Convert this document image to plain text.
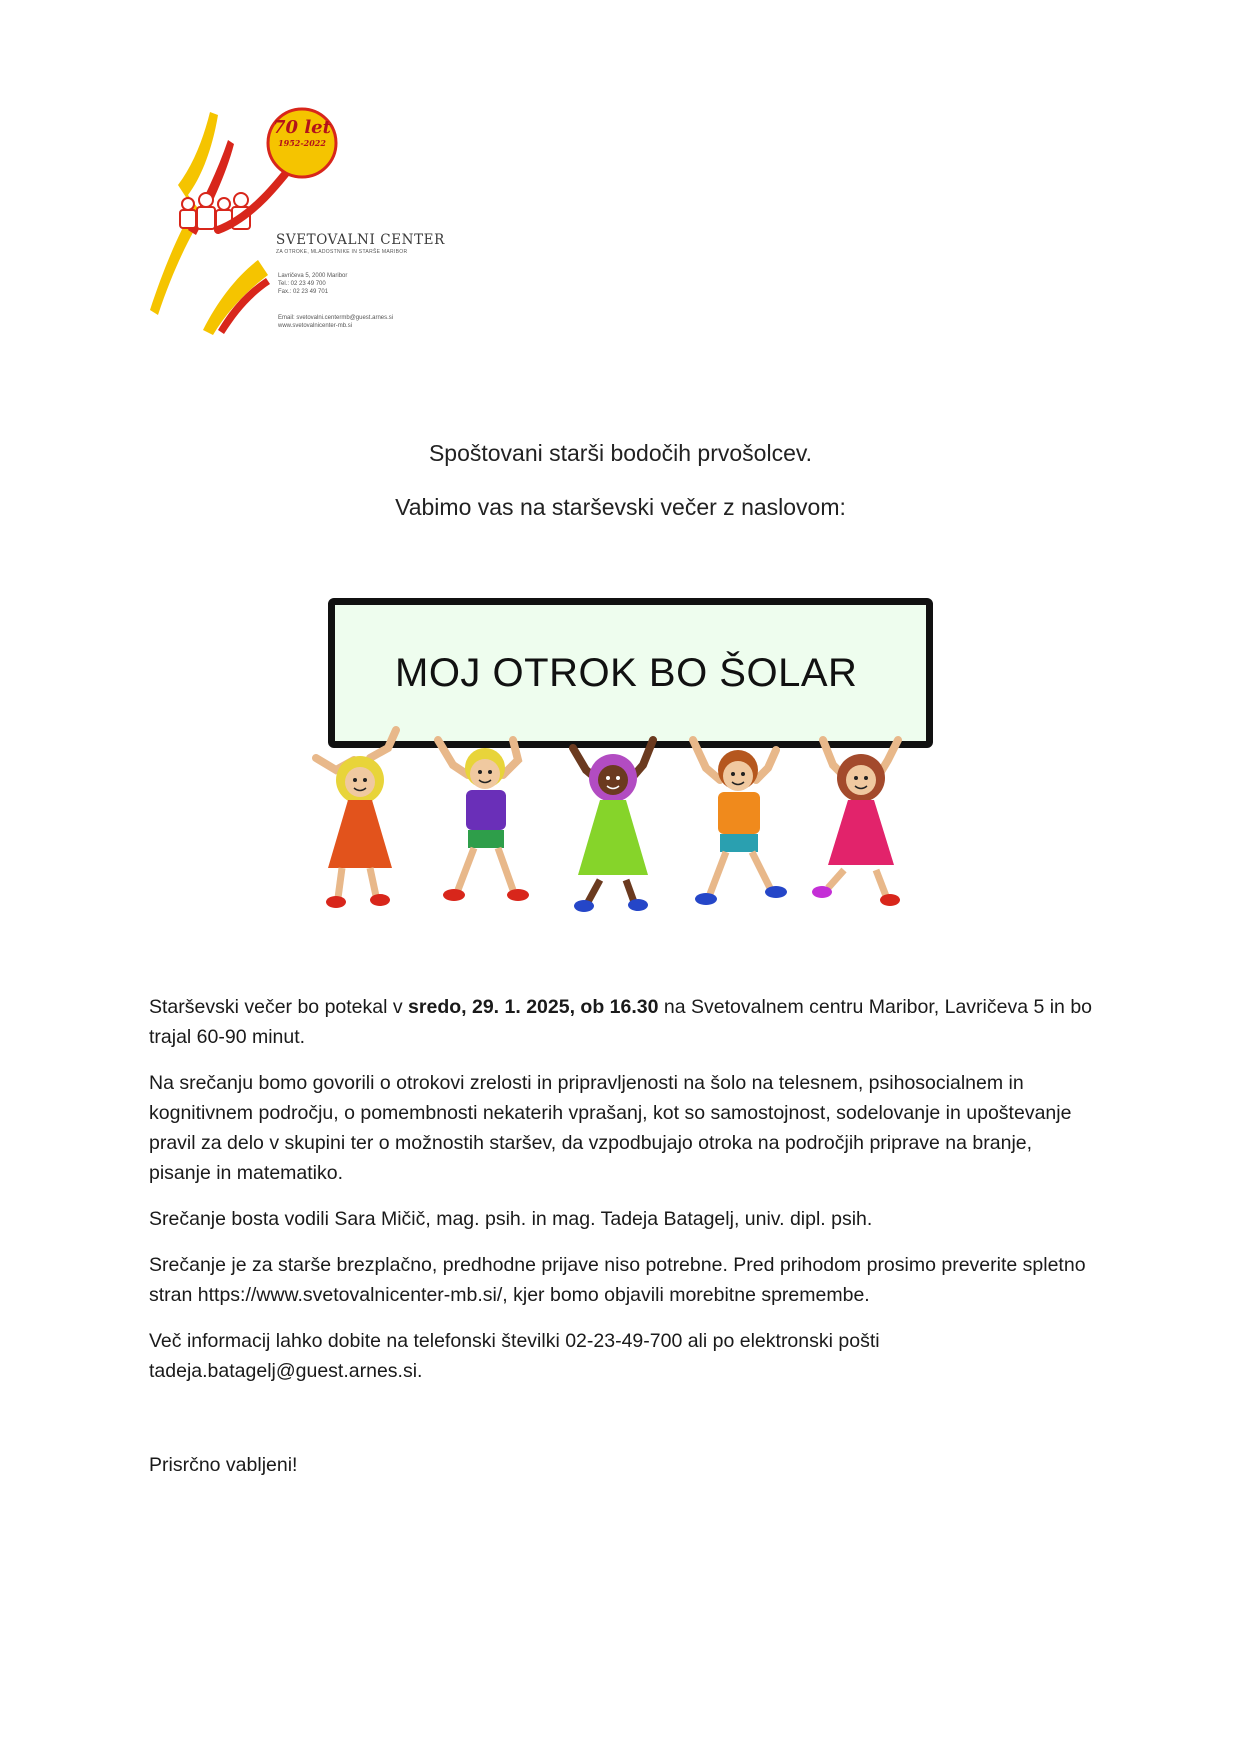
70 let
1952-2022
SVETOVALNI CENTER
ZA OTROKE, MLADOSTNIKE IN STARŠE MARIBOR
Lavričeva 5, 2000 Maribor
Tel.: 02 23 49 700
Fax.: 02 23 49 701
Email: svetovalni.centermb@guest.arnes.si
www.svetovalnicenter-mb.si
Spoštovani starši bodočih prvošolcev.
Vabimo vas na starševski večer z naslovom:
MOJ OTROK BO ŠOLAR
Starševski večer bo potekal v sredo, 29. 1. 2025, ob 16.30 na Svetovalnem centru Maribor, Lavričeva 5 in bo trajal 60-90 minut.
Na srečanju bomo govorili o otrokovi zrelosti in pripravljenosti na šolo na telesnem, psihosocialnem in kognitivnem področju, o pomembnosti nekaterih vprašanj, kot so samostojnost, sodelovanje in upoštevanje pravil za delo v skupini ter o možnostih staršev, da vzpodbujajo otroka na področjih priprave na branje, pisanje in matematiko.
Srečanje bosta vodili Sara Mičič, mag. psih. in mag. Tadeja Batagelj, univ. dipl. psih.
Srečanje je za starše brezplačno, predhodne prijave niso potrebne. Pred prihodom prosimo preverite spletno stran https://www.svetovalnicenter-mb.si/, kjer bomo objavili morebitne spremembe.
Več informacij lahko dobite na telefonski številki 02-23-49-700 ali po elektronski pošti tadeja.batagelj@guest.arnes.si.
Prisrčno vabljeni!
